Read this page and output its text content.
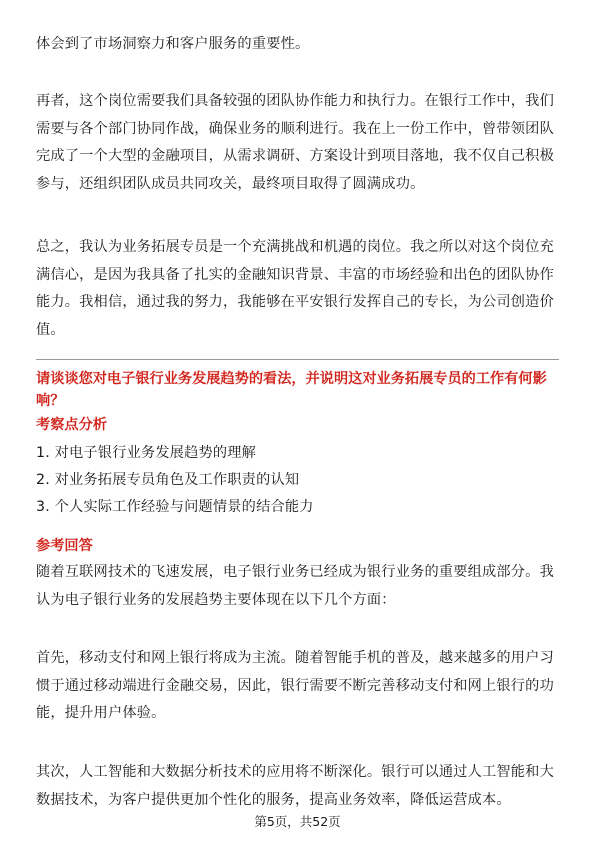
体会到了市场洞察力和客户服务的重要性。

再者，这个岗位需要我们具备较强的团队协作能力和执行力。在银行工作中，我们需要与各个部门协同作战，确保业务的顺利进行。我在上一份工作中，曾带领团队完成了一个大型的金融项目，从需求调研、方案设计到项目落地，我不仅自己积极参与，还组织团队成员共同攻关，最终项目取得了圆满成功。

总之，我认为业务拓展专员是一个充满挑战和机遇的岗位。我之所以对这个岗位充满信心，是因为我具备了扎实的金融知识背景、丰富的市场经验和出色的团队协作能力。我相信，通过我的努力，我能够在平安银行发挥自己的专长，为公司创造价值。

请谈谈您对电子银行业务发展趋势的看法，并说明这对业务拓展专员的工作有何影响？

考察点分析

1. 对电子银行业务发展趋势的理解
2. 对业务拓展专员角色及工作职责的认知
3. 个人实际工作经验与问题情景的结合能力

参考回答

随着互联网技术的飞速发展，电子银行业务已经成为银行业务的重要组成部分。我认为电子银行业务的发展趋势主要体现在以下几个方面：

首先，移动支付和网上银行将成为主流。随着智能手机的普及，越来越多的用户习惯于通过移动端进行金融交易，因此，银行需要不断完善移动支付和网上银行的功能，提升用户体验。

其次，人工智能和大数据分析技术的应用将不断深化。银行可以通过人工智能和大数据技术，为客户提供更加个性化的服务，提高业务效率，降低运营成本。

第5页，共52页
